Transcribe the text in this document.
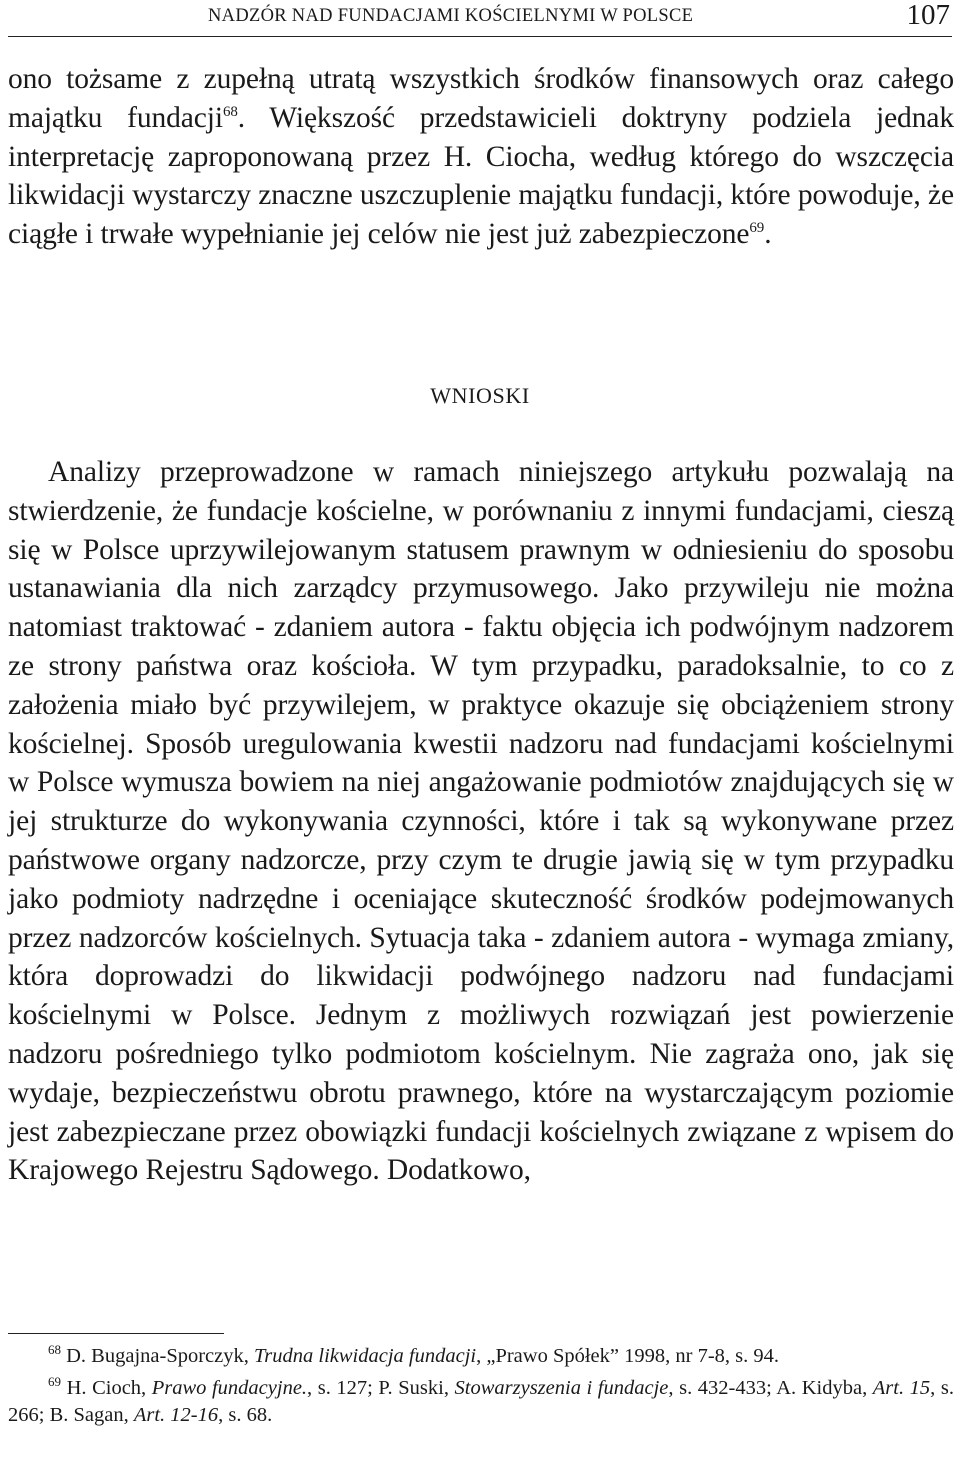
NADZÓR NAD FUNDACJAMI KOŚCIELNYMI W POLSCE	107
ono tożsame z zupełną utratą wszystkich środków finansowych oraz całego majątku fundacji$^{68}$. Większość przedstawicieli doktryny podziela jednak interpretację zaproponowaną przez H. Ciocha, według którego do wszczęcia likwidacji wystarczy znaczne uszczuplenie majątku fundacji, które powoduje, że ciągłe i trwałe wypełnianie jej celów nie jest już zabezpieczone$^{69}$.
WNIOSKI
Analizy przeprowadzone w ramach niniejszego artykułu pozwalają na stwierdzenie, że fundacje kościelne, w porównaniu z innymi fundacjami, cieszą się w Polsce uprzywilejowanym statusem prawnym w odniesieniu do sposobu ustanawiania dla nich zarządcy przymusowego. Jako przywileju nie można natomiast traktować - zdaniem autora - faktu objęcia ich podwójnym nadzorem ze strony państwa oraz kościoła. W tym przypadku, paradoksalnie, to co z założenia miało być przywilejem, w praktyce okazuje się obciążeniem strony kościelnej. Sposób uregulowania kwestii nadzoru nad fundacjami kościelnymi w Polsce wymusza bowiem na niej angażowanie podmiotów znajdujących się w jej strukturze do wykonywania czynności, które i tak są wykonywane przez państwowe organy nadzorcze, przy czym te drugie jawią się w tym przypadku jako podmioty nadrzędne i oceniające skuteczność środków podejmowanych przez nadzorców kościelnych. Sytuacja taka - zdaniem autora - wymaga zmiany, która doprowadzi do likwidacji podwójnego nadzoru nad fundacjami kościelnymi w Polsce. Jednym z możliwych rozwiązań jest powierzenie nadzoru pośredniego tylko podmiotom kościelnym. Nie zagraża ono, jak się wydaje, bezpieczeństwu obrotu prawnego, które na wystarczającym poziomie jest zabezpieczane przez obowiązki fundacji kościelnych związane z wpisem do Krajowego Rejestru Sądowego. Dodatkowo,

$^{68}$ D. Bugajna-Sporczyk, Trudna likwidacja fundacji, „Prawo Spółek” 1998, nr 7-8, s. 94.

$^{69}$ H. Cioch, Prawo fundacyjne., s. 127; P. Suski, Stowarzyszenia i fundacje, s. 432-433; A. Kidyba, Art. 15, s. 266; B. Sagan, Art. 12-16, s. 68.
